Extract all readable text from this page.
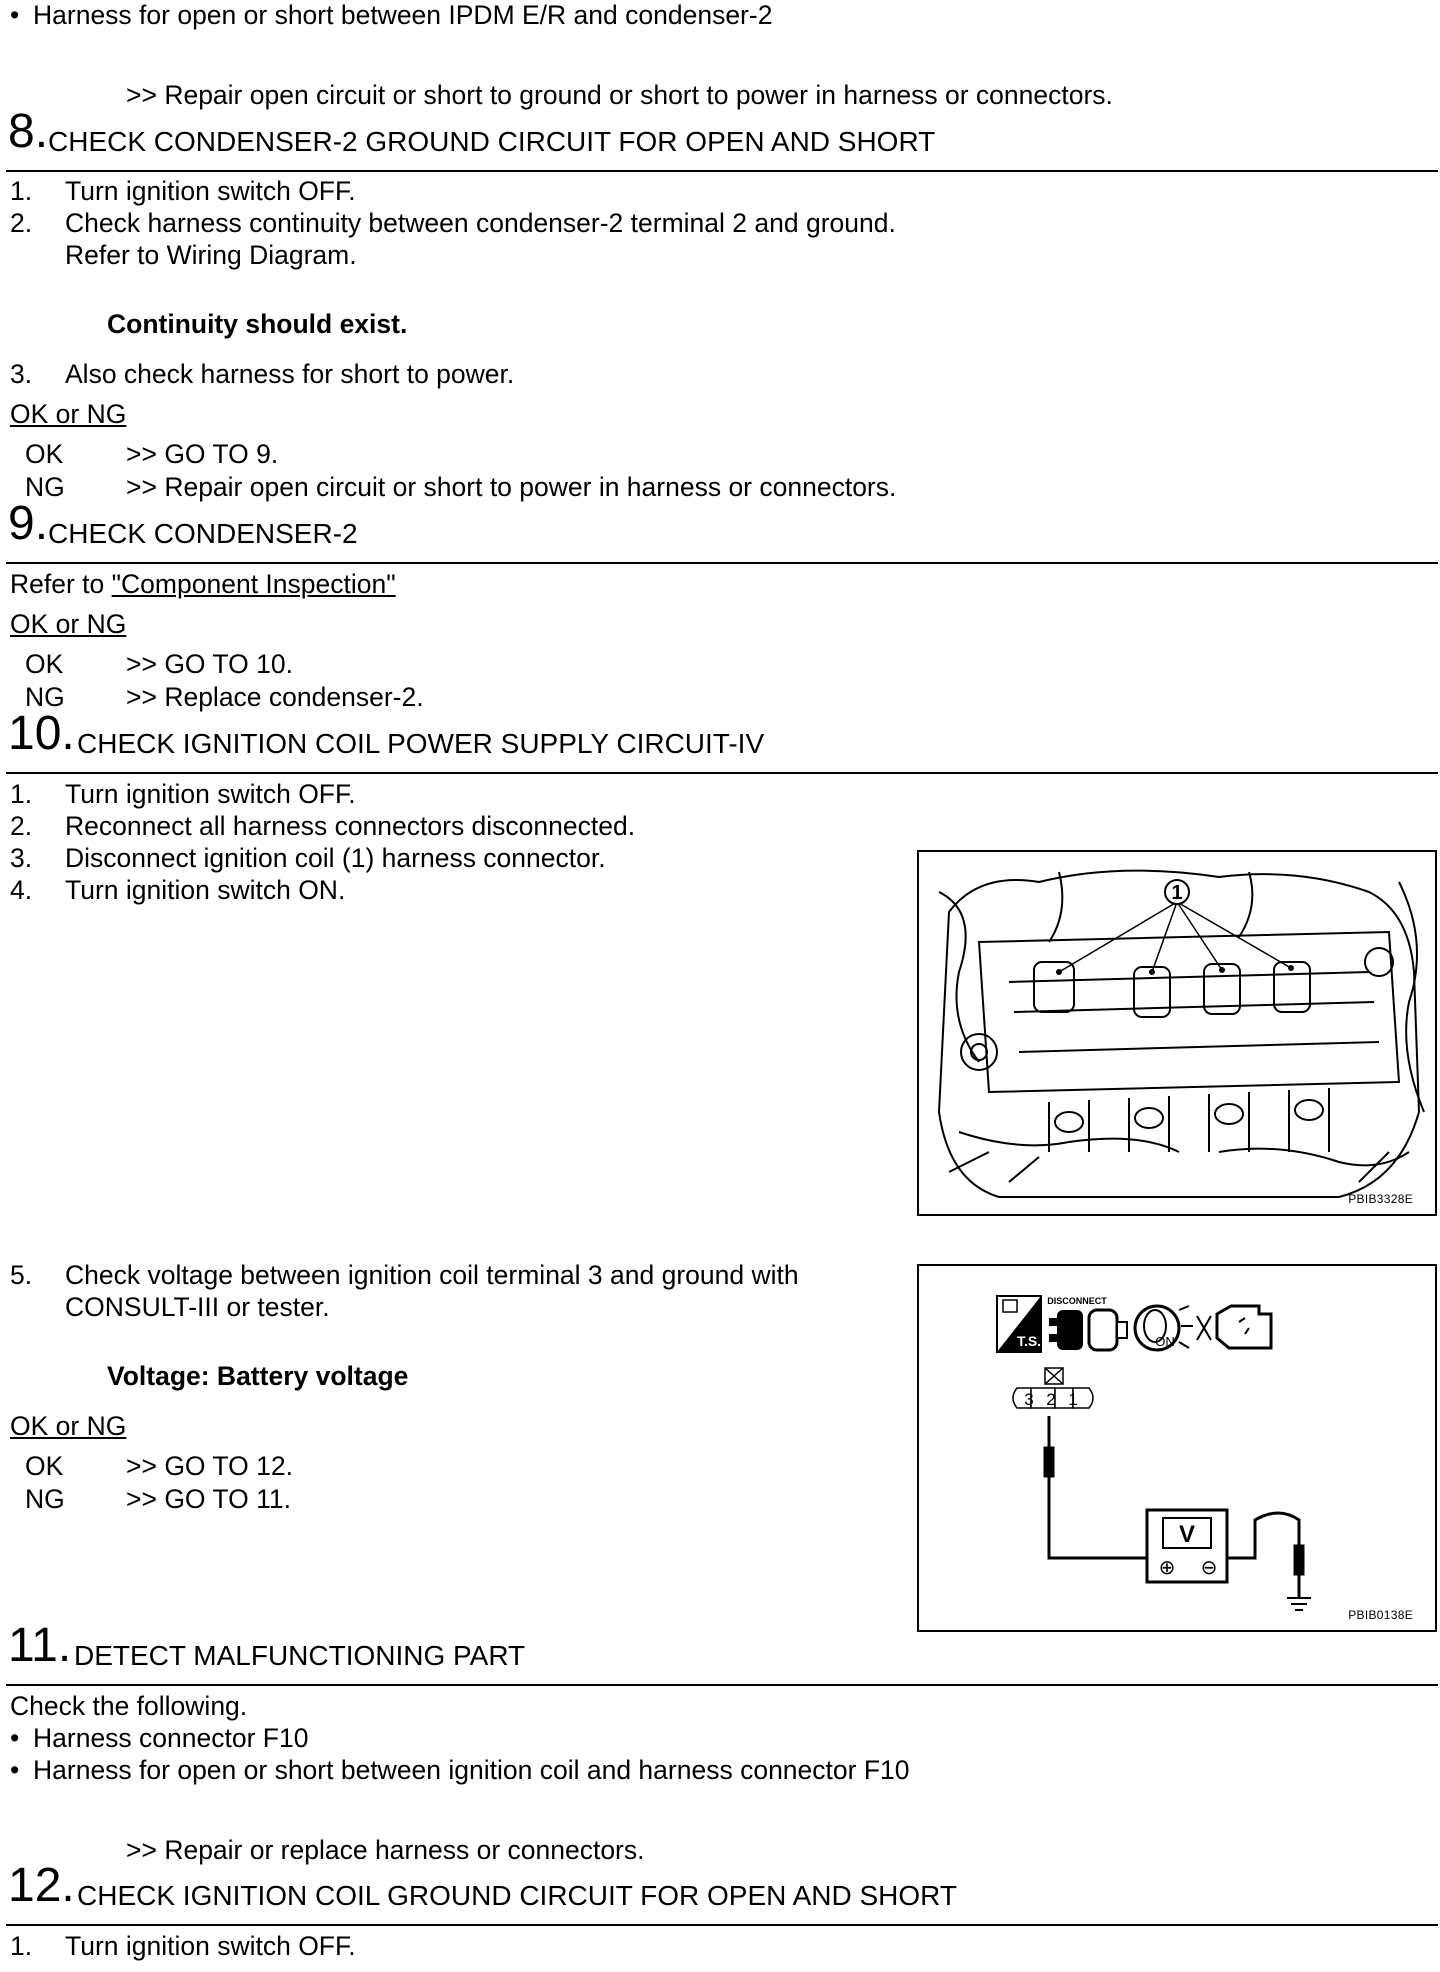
• Harness for open or short between IPDM E/R and condenser-2
>> Repair open circuit or short to ground or short to power in harness or connectors.
8. CHECK CONDENSER-2 GROUND CIRCUIT FOR OPEN AND SHORT
1. Turn ignition switch OFF.
2. Check harness continuity between condenser-2 terminal 2 and ground.
Refer to Wiring Diagram.
Continuity should exist.
3. Also check harness for short to power.
OK or NG
OK >> GO TO 9.
NG >> Repair open circuit or short to power in harness or connectors.
9. CHECK CONDENSER-2
Refer to "Component Inspection"
OK or NG
OK >> GO TO 10.
NG >> Replace condenser-2.
10. CHECK IGNITION COIL POWER SUPPLY CIRCUIT-IV
1. Turn ignition switch OFF.
2. Reconnect all harness connectors disconnected.
3. Disconnect ignition coil (1) harness connector.
4. Turn ignition switch ON.	1
PBIB3328E
5. Check voltage between ignition coil terminal 3 and ground with
CONSULT-III or tester.
Voltage: Battery voltage
OK or NG
OK >> GO TO 12.
NG >> GO TO 11.
T.S.
DISCONNECT
ON
3 2 1
V
⊕ ⊖
PBIB0138E
11. DETECT MALFUNCTIONING PART
Check the following.
• Harness connector F10
• Harness for open or short between ignition coil and harness connector F10
>> Repair or replace harness or connectors.
12. CHECK IGNITION COIL GROUND CIRCUIT FOR OPEN AND SHORT
1. Turn ignition switch OFF.
